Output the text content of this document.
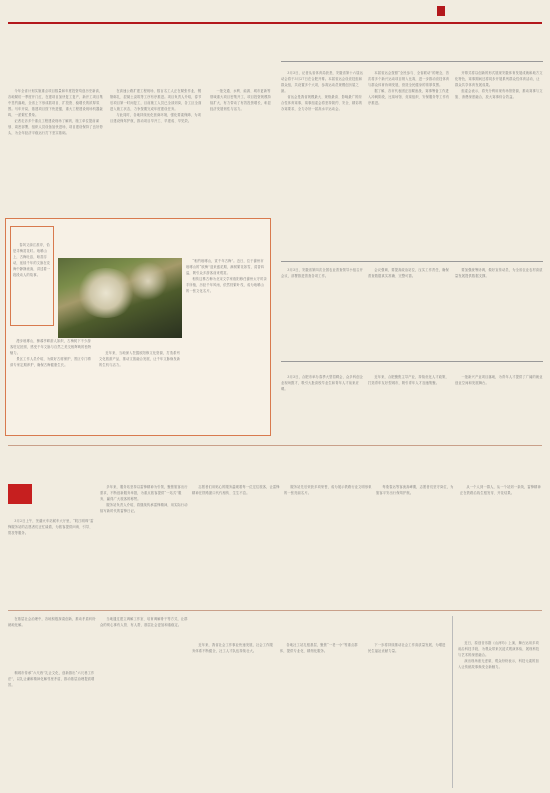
今年全省计划实施重点项目数量和年度投资均创历史新高，各地紧盯一季度开门红，在建项目加快复工复产，新开工项目集中签约落地，全省上下形成抓项目、扩投资、稳增长的浓厚氛围。马年开局，基建项目按下快进键，重大工程建设现场机器轰鸣，一派繁忙景象。

记者走访多个重点工程建设现场了解到，施工单位提前谋划、周密部署，组织人员设备加快进场，项目建设保持了良好势头，为全年经济平稳运行打下坚实基础。

在高速公路扩建工程现场，数百名工人正在紧张作业，钢筋绑扎、混凝土浇筑等工序有序推进。项目负责人介绍，春节后项目第一时间复工，目前施工人员已全部到岗，各工区全面进入施工状态，力争按期完成年度建设任务。

与此同时，各地持续优化营商环境，强化要素保障，为项目建设保驾护航，推动项目早开工、早建成、早见效。

一批交通、水利、能源、城市更新等领域重大项目密集开工，项目投资规模持续扩大，有力带动了有效投资增长，彰显经济发展韧性与活力。

3月3日，记者从省体育局获悉，安徽省第十六届运动会将于3月27日在合肥开幕。本届省运会设竞技组和群众组，共设置多个大项，参赛运动员规模创历届之最。

省运会是我省规模最大、规格最高、影响最广的综合性体育赛事，赛事组委会将坚持简约、安全、精彩的办赛要求，全力办好一届高水平运动会。

本届省运会按照“全民参与、全省联动”的理念，首次将多个新兴运动项目纳入比赛，进一步推动竞技体育与群众体育协调发展，营造全民健身的浓厚氛围。

据了解，各市代表团正加紧备战，赛事筹备工作进入冲刺阶段，比赛场馆、竞赛组织、安保服务等工作有序推进。

开幕式将以创新的形式展现安徽体育发展成就和地方文化特色，赛事期间还将同步开展系列群众性体育活动，让群众共享体育发展成果。

组委会表示，将充分利用现有场馆资源，推动赛事与文旅、消费深度融合，放大赛事综合效益。

春风又绿江淮岸，恰是寻梅赏花时。琅琊山上，古梅吐蕊，暗香浮动，延续千年的文脉在花海中静静流淌，讲述着一段段动人的故事。

“相约琅琊山，赏千年古梅”。近日，位于滁州市琅琊山的“欧梅”迎来盛花期，满树繁花如雪，清香四溢，吸引众多游客前来观赏。

相传这株古梅为北宋文学家欧阳修任滁州太守时亲手所植，历经千年风雨，依然枝繁叶茂，成为琅琊山的一张文化名片。

漫步琅琊山，醉翁亭畔游人如织，古梅树下不少游客驻足拍照，感受千年文脉与自然之美交相辉映的独特魅力。

景区工作人员介绍，为做好古树保护，景区专门聘请专家定期养护，确保古梅健康生长。

近年来，当地深入挖掘欧阳修文化资源，打造系列文化旅游产品，推动文旅融合发展，让千年文脉焕发新的生机与活力。

3月3日，安徽省第四次全国农业普查领导小组召开会议，部署推进普查各项工作。

会议强调，要提高政治站位，压实工作责任，确保普查数据真实准确、完整可靠。

要加强统筹协调，做好宣传动员，为全省农业农村高质量发展提供数据支撑。

3月3日，合肥市举办春季大型招聘会，众多科创企业现场揽才，吸引大批高校毕业生和青年人才前来应聘。

近年来，合肥聚焦主导产业，持续优化人才政策，打造青年友好型城市，吸引青年人才加速集聚。

一批新兴产业项目落地，为青年人才提供了广阔的就业创业空间和发展舞台。

3月2日上午，芜湖火车站候车大厅里，“皖江明珠”雷锋服务站的志愿者们正忙碌着，为旅客提供问询、引导、帮扶等服务。

多年来，服务站坚持以雷锋精神为引领，聚焦旅客出行需求，不断创新服务举措，为重点旅客提供“一站式”服务，赢得广大旅客的称赞。

服务站负责人介绍，将继续传承雷锋精神，用实际行动续写新时代的雷锋日记。

志愿者们用贴心的服务温暖着每一位过往旅客，让雷锋精神在铁路窗口代代相传、生生不息。

服务站先后荣获多项荣誉，成为展示铁路行业文明形象的一张亮丽名片。

每逢春运等客流高峰期，志愿者们坚守岗位，为旅客平安出行保驾护航。

从一个人到一群人，从一个站到一条线，雷锋精神正在铁路沿线生根发芽、开花结果。

在基层社会治理中，各地积极探索创新，推动矛盾纠纷就地化解。

桐城市传承“六尺巷”礼让文化，创新推出“六尺巷工作法”，以礼让谦和精神化解邻里矛盾，推动基层治理提质增效。

当地通过建立调解工作室、培育调解骨干等方式，让群众的烦心事有人管、有人帮，基层社会更加和谐稳定。

近年来，我省社会工作事业快速发展，社会工作服务体系不断健全，社工人才队伍持续壮大。

各地社工站扎根基层，聚焦“一老一小”等重点群体，提供专业化、精细化服务。

下一步将持续推动社会工作高质量发展，为增进民生福祉贡献力量。

近日，原创音乐剧《山河吟》上演，舞台运用多项前沿科技手段，为观众带来沉浸式观演体验，展现科技与艺术的深度融合。

演出现场座无虚席，观众纷纷表示，科技元素的加入让传统故事焕发全新魅力。
